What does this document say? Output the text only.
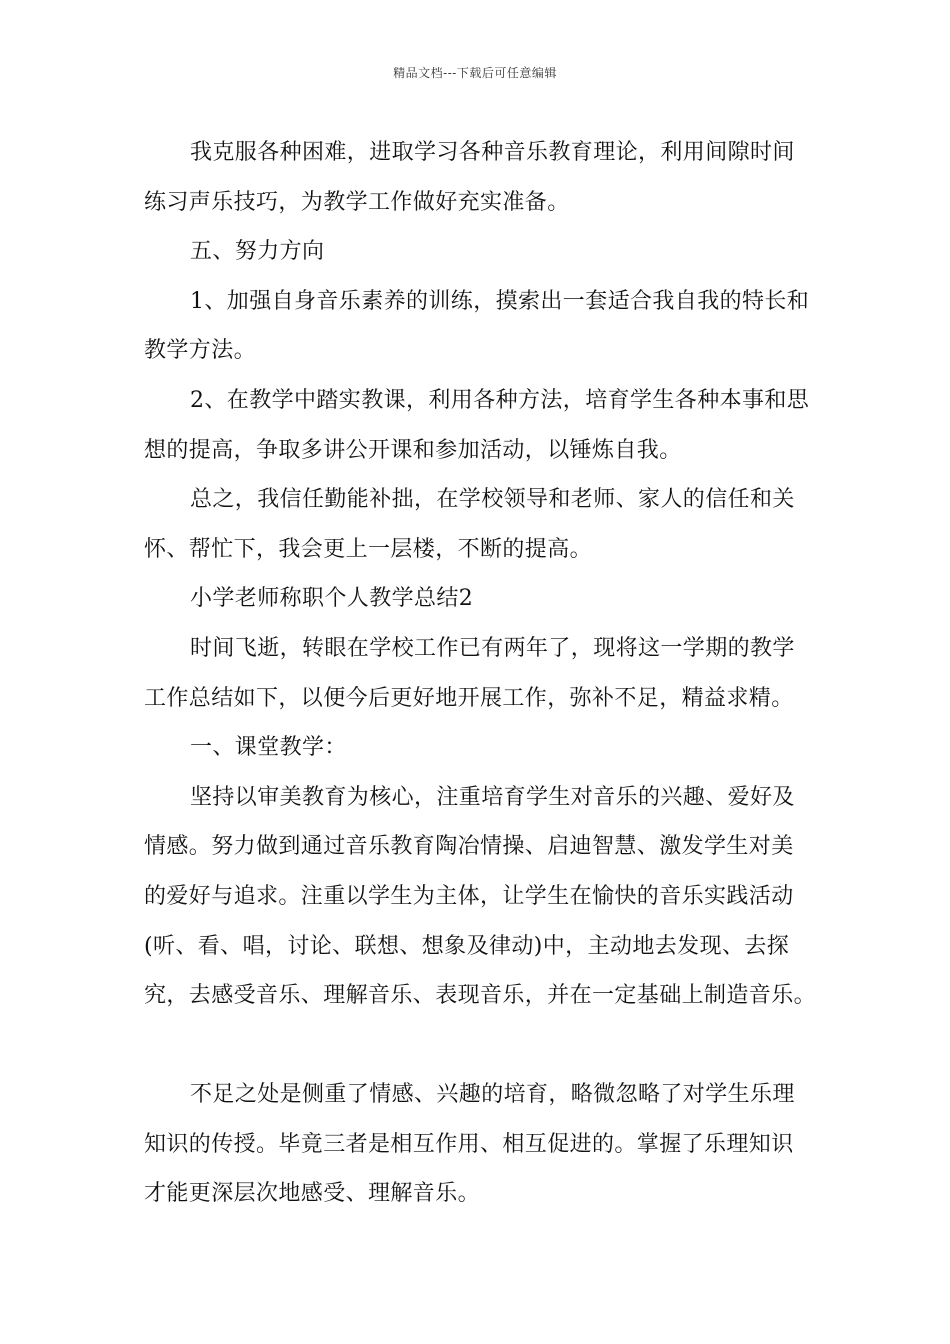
精品文档---下载后可任意编辑
我克服各种困难，进取学习各种音乐教育理论，利用间隙时间
练习声乐技巧，为教学工作做好充实准备。
五、努力方向
1、加强自身音乐素养的训练，摸索出一套适合我自我的特长和
教学方法。
2、在教学中踏实教课，利用各种方法，培育学生各种本事和思
想的提高，争取多讲公开课和参加活动，以锤炼自我。
总之，我信任勤能补拙，在学校领导和老师、家人的信任和关
怀、帮忙下，我会更上一层楼，不断的提高。
小学老师称职个人教学总结2
时间飞逝，转眼在学校工作已有两年了，现将这一学期的教学
工作总结如下，以便今后更好地开展工作，弥补不足，精益求精。
一、课堂教学：
坚持以审美教育为核心，注重培育学生对音乐的兴趣、爱好及
情感。努力做到通过音乐教育陶冶情操、启迪智慧、激发学生对美
的爱好与追求。注重以学生为主体，让学生在愉快的音乐实践活动
(听、看、唱，讨论、联想、想象及律动)中，主动地去发现、去探
究，去感受音乐、理解音乐、表现音乐，并在一定基础上制造音乐。
不足之处是侧重了情感、兴趣的培育，略微忽略了对学生乐理
知识的传授。毕竟三者是相互作用、相互促进的。掌握了乐理知识
才能更深层次地感受、理解音乐。
